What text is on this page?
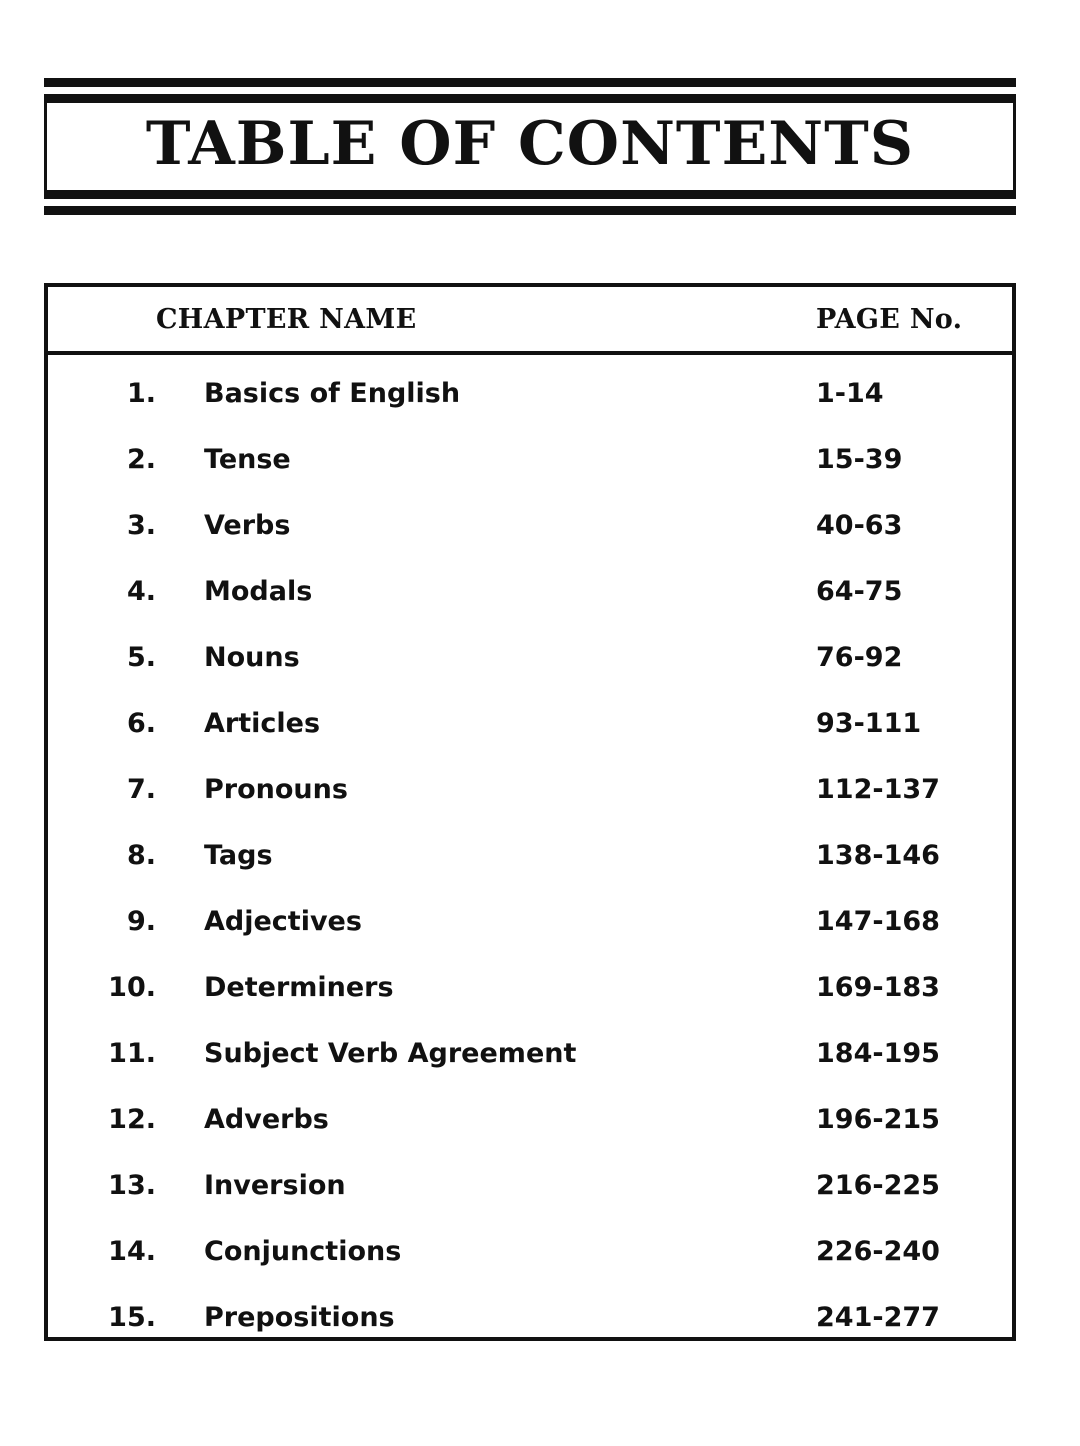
TABLE OF CONTENTS
CHAPTER NAME	PAGE No.
1.	Basics of English	1-14
2.	Tense	15-39
3.	Verbs	40-63
4.	Modals	64-75
5.	Nouns	76-92
6.	Articles	93-111
7.	Pronouns	112-137
8.	Tags	138-146
9.	Adjectives	147-168
10.	Determiners	169-183
11.	Subject Verb Agreement	184-195
12.	Adverbs	196-215
13.	Inversion	216-225
14.	Conjunctions	226-240
15.	Prepositions	241-277
